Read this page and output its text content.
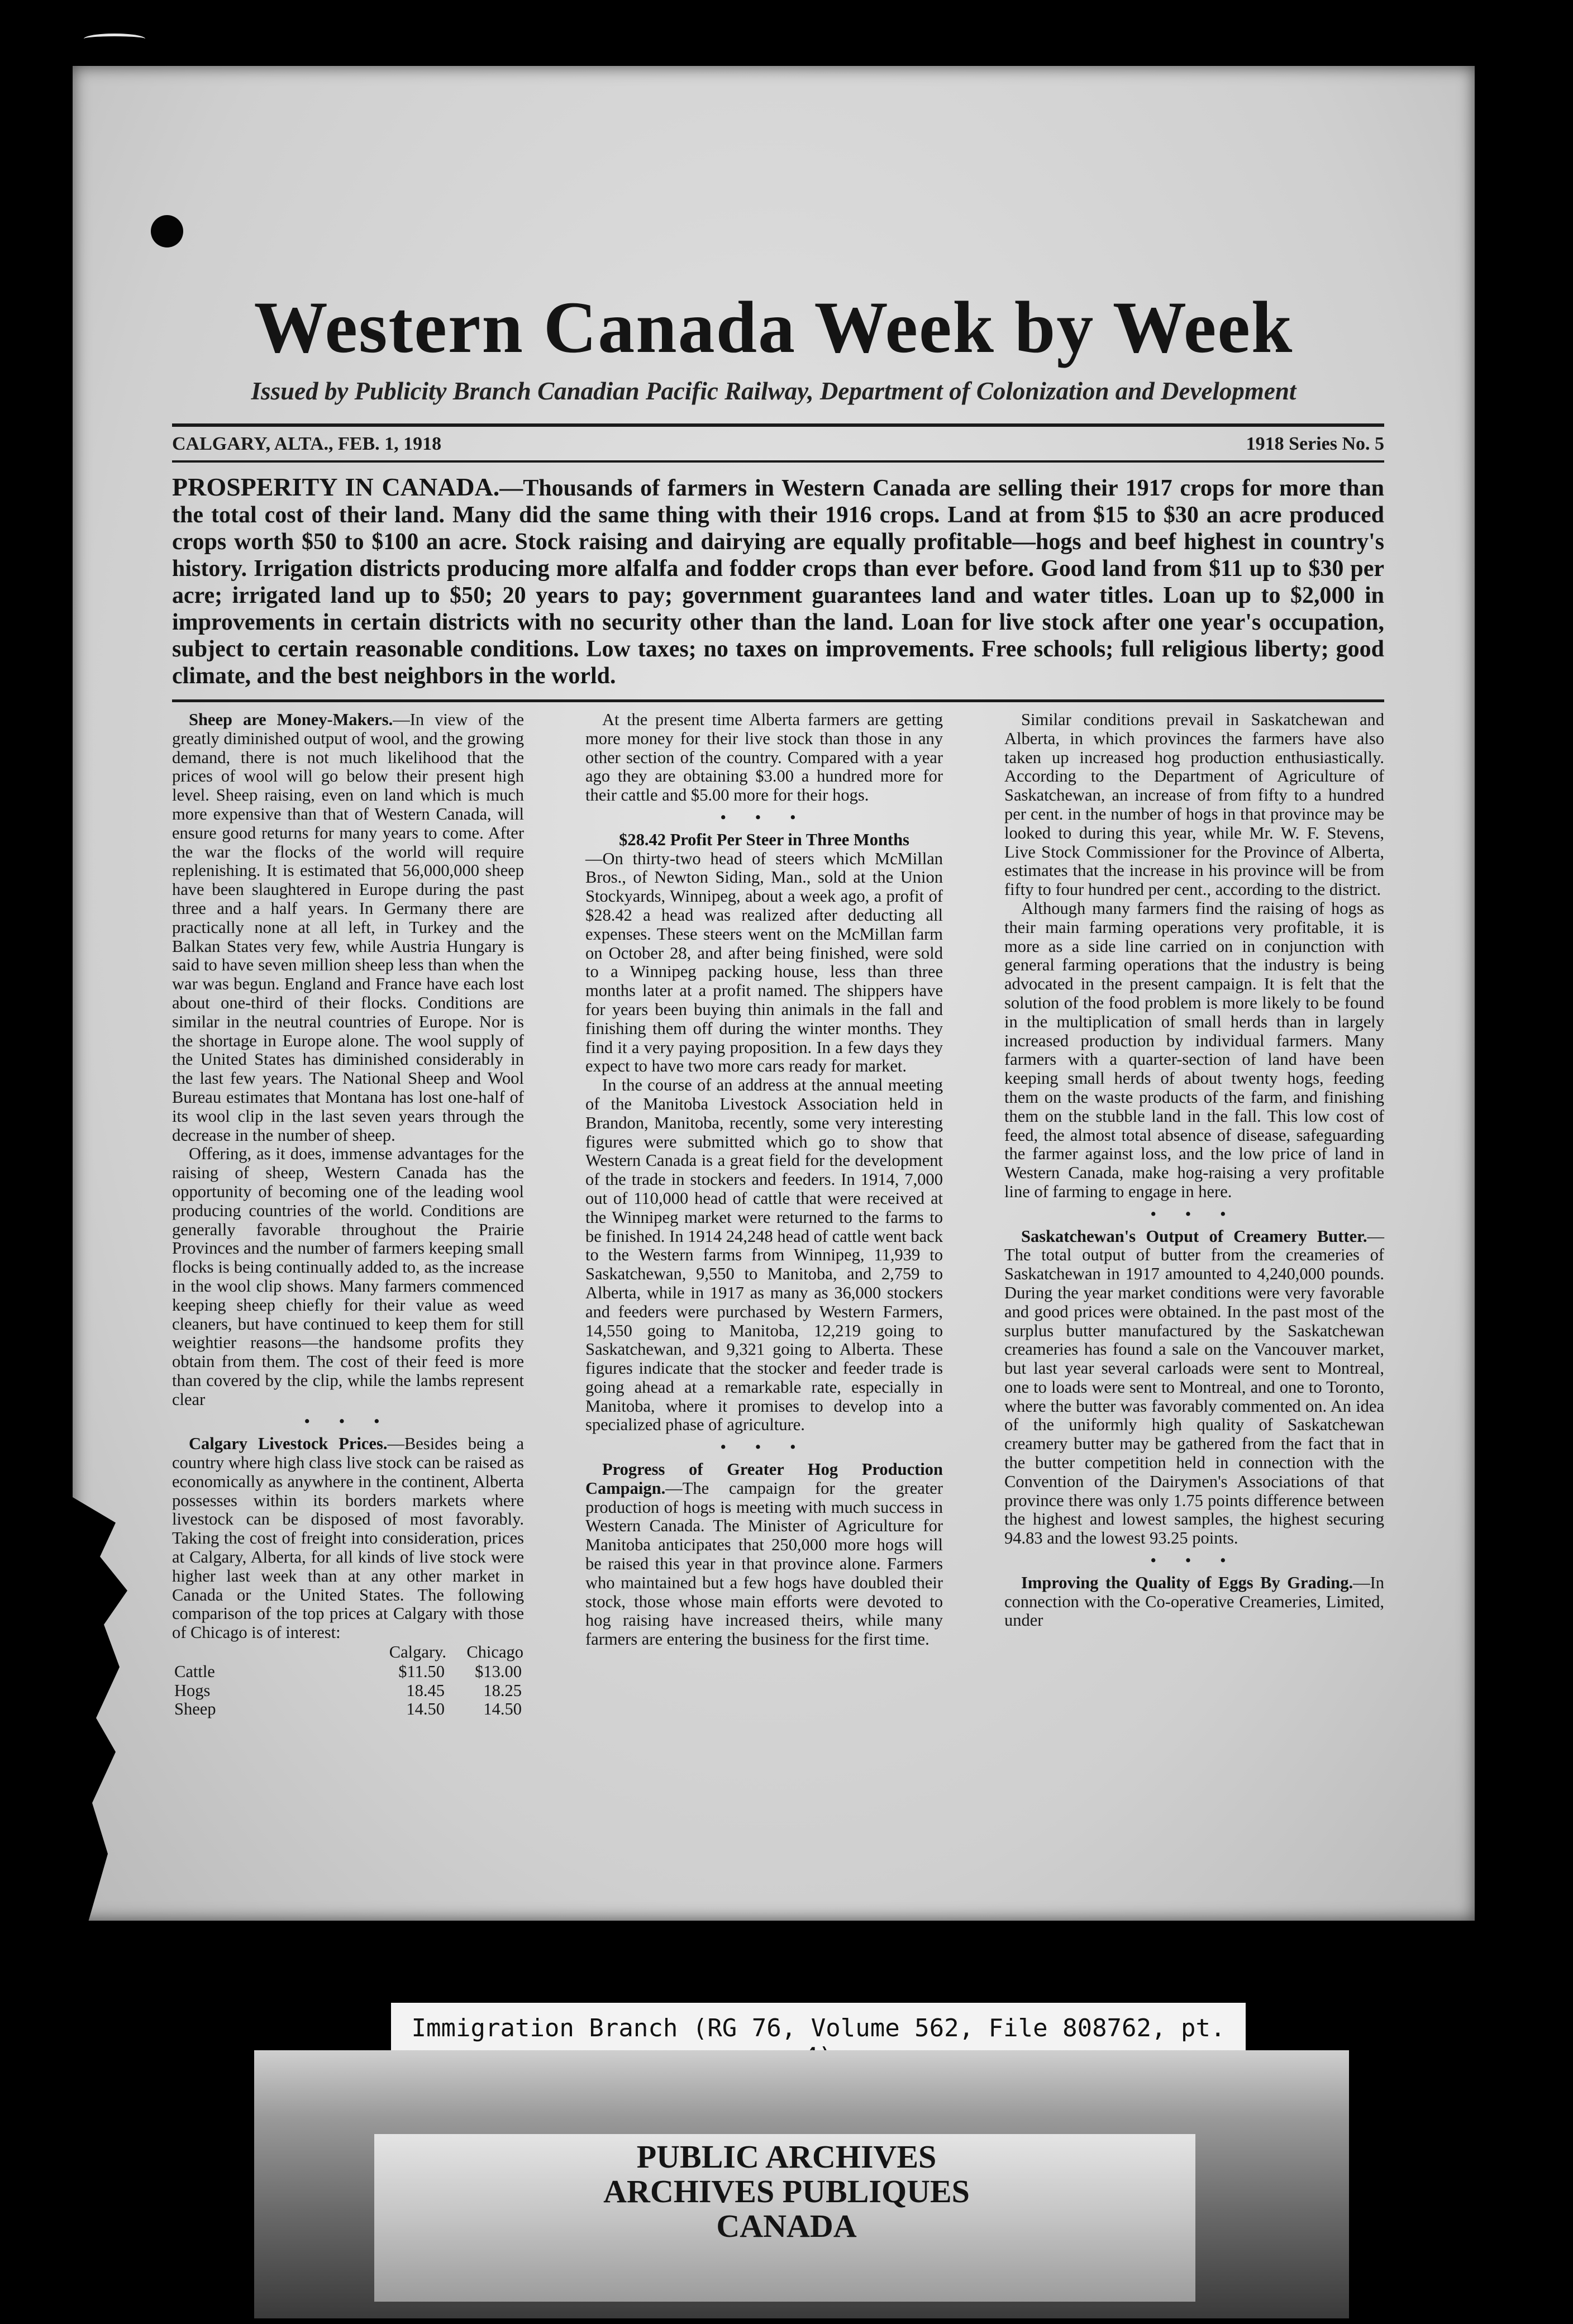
Western Canada Week by Week
Issued by Publicity Branch Canadian Pacific Railway, Department of Colonization and Development
CALGARY, ALTA., FEB. 1, 1918	1918 Series No. 5
PROSPERITY IN CANADA.—Thousands of farmers in Western Canada are selling their 1917 crops for more than the total cost of their land. Many did the same thing with their 1916 crops. Land at from $15 to $30 an acre produced crops worth $50 to $100 an acre. Stock raising and dairying are equally profitable—hogs and beef highest in country's history. Irrigation districts producing more alfalfa and fodder crops than ever before. Good land from $11 up to $30 per acre; irrigated land up to $50; 20 years to pay; government guarantees land and water titles. Loan up to $2,000 in improvements in certain districts with no security other than the land. Loan for live stock after one year's occupation, subject to certain reasonable conditions. Low taxes; no taxes on improvements. Free schools; full religious liberty; good climate, and the best neighbors in the world.

Sheep are Money-Makers.—In view of the greatly diminished output of wool, and the growing demand, there is not much likelihood that the prices of wool will go below their present high level. Sheep raising, even on land which is much more expensive than that of Western Canada, will ensure good returns for many years to come. After the war the flocks of the world will require replenishing. It is estimated that 56,000,000 sheep have been slaughtered in Europe during the past three and a half years. In Germany there are practically none at all left, in Turkey and the Balkan States very few, while Austria Hungary is said to have seven million sheep less than when the war was begun. England and France have each lost about one-third of their flocks. Conditions are similar in the neutral countries of Europe. Nor is the shortage in Europe alone. The wool supply of the United States has diminished considerably in the last few years. The National Sheep and Wool Bureau estimates that Montana has lost one-half of its wool clip in the last seven years through the decrease in the number of sheep.

Offering, as it does, immense advantages for the raising of sheep, Western Canada has the opportunity of becoming one of the leading wool producing countries of the world. Conditions are generally favorable throughout the Prairie Provinces and the number of farmers keeping small flocks is being continually added to, as the increase in the wool clip shows. Many farmers commenced keeping sheep chiefly for their value as weed cleaners, but have continued to keep them for still weightier reasons—the handsome profits they obtain from them. The cost of their feed is more than covered by the clip, while the lambs represent clear

• • •

Calgary Livestock Prices.—Besides being a country where high class live stock can be raised as economically as anywhere in the continent, Alberta possesses within its borders markets where livestock can be disposed of most favorably. Taking the cost of freight into consideration, prices at Calgary, Alberta, for all kinds of live stock were higher last week than at any other market in Canada or the United States. The following comparison of the top prices at Calgary with those of Chicago is of interest:

	Calgary.	Chicago
Cattle	$11.50	$13.00
Hogs	18.45	18.25
Sheep	14.50	14.50

At the present time Alberta farmers are getting more money for their live stock than those in any other section of the country. Compared with a year ago they are obtaining $3.00 a hundred more for their cattle and $5.00 more for their hogs.

• • •

$28.42 Profit Per Steer in Three Months

—On thirty-two head of steers which McMillan Bros., of Newton Siding, Man., sold at the Union Stockyards, Winnipeg, about a week ago, a profit of $28.42 a head was realized after deducting all expenses. These steers went on the McMillan farm on October 28, and after being finished, were sold to a Winnipeg packing house, less than three months later at a profit named. The shippers have for years been buying thin animals in the fall and finishing them off during the winter months. They find it a very paying proposition. In a few days they expect to have two more cars ready for market.

In the course of an address at the annual meeting of the Manitoba Livestock Association held in Brandon, Manitoba, recently, some very interesting figures were submitted which go to show that Western Canada is a great field for the development of the trade in stockers and feeders. In 1914, 7,000 out of 110,000 head of cattle that were received at the Winnipeg market were returned to the farms to be finished. In 1914 24,248 head of cattle went back to the Western farms from Winnipeg, 11,939 to Saskatchewan, 9,550 to Manitoba, and 2,759 to Alberta, while in 1917 as many as 36,000 stockers and feeders were purchased by Western Farmers, 14,550 going to Manitoba, 12,219 going to Saskatchewan, and 9,321 going to Alberta. These figures indicate that the stocker and feeder trade is going ahead at a remarkable rate, especially in Manitoba, where it promises to develop into a specialized phase of agriculture.

• • •

Progress of Greater Hog Production Campaign.—The campaign for the greater production of hogs is meeting with much success in Western Canada. The Minister of Agriculture for Manitoba anticipates that 250,000 more hogs will be raised this year in that province alone. Farmers who maintained but a few hogs have doubled their stock, those whose main efforts were devoted to hog raising have increased theirs, while many farmers are entering the business for the first time.

Similar conditions prevail in Saskatchewan and Alberta, in which provinces the farmers have also taken up increased hog production enthusiastically. According to the Department of Agriculture of Saskatchewan, an increase of from fifty to a hundred per cent. in the number of hogs in that province may be looked to during this year, while Mr. W. F. Stevens, Live Stock Commissioner for the Province of Alberta, estimates that the increase in his province will be from fifty to four hundred per cent., according to the district.

Although many farmers find the raising of hogs as their main farming operations very profitable, it is more as a side line carried on in conjunction with general farming operations that the industry is being advocated in the present campaign. It is felt that the solution of the food problem is more likely to be found in the multiplication of small herds than in largely increased production by individual farmers. Many farmers with a quarter-section of land have been keeping small herds of about twenty hogs, feeding them on the waste products of the farm, and finishing them on the stubble land in the fall. This low cost of feed, the almost total absence of disease, safeguarding the farmer against loss, and the low price of land in Western Canada, make hog-raising a very profitable line of farming to engage in here.

• • •

Saskatchewan's Output of Creamery Butter.—The total output of butter from the creameries of Saskatchewan in 1917 amounted to 4,240,000 pounds. During the year market conditions were very favorable and good prices were obtained. In the past most of the surplus butter manufactured by the Saskatchewan creameries has found a sale on the Vancouver market, but last year several carloads were sent to Montreal, one to loads were sent to Montreal, and one to Toronto, where the butter was favorably commented on. An idea of the uniformly high quality of Saskatchewan creamery butter may be gathered from the fact that in the butter competition held in connection with the Convention of the Dairymen's Associations of that province there was only 1.75 points difference between the highest and lowest samples, the highest securing 94.83 and the lowest 93.25 points.

• • •

Improving the Quality of Eggs By Grading.—In connection with the Co-operative Creameries, Limited, under

Immigration Branch (RG 76, Volume 562, File 808762, pt.
PUBLIC ARCHIVES
ARCHIVES PUBLIQUES
CANADA
